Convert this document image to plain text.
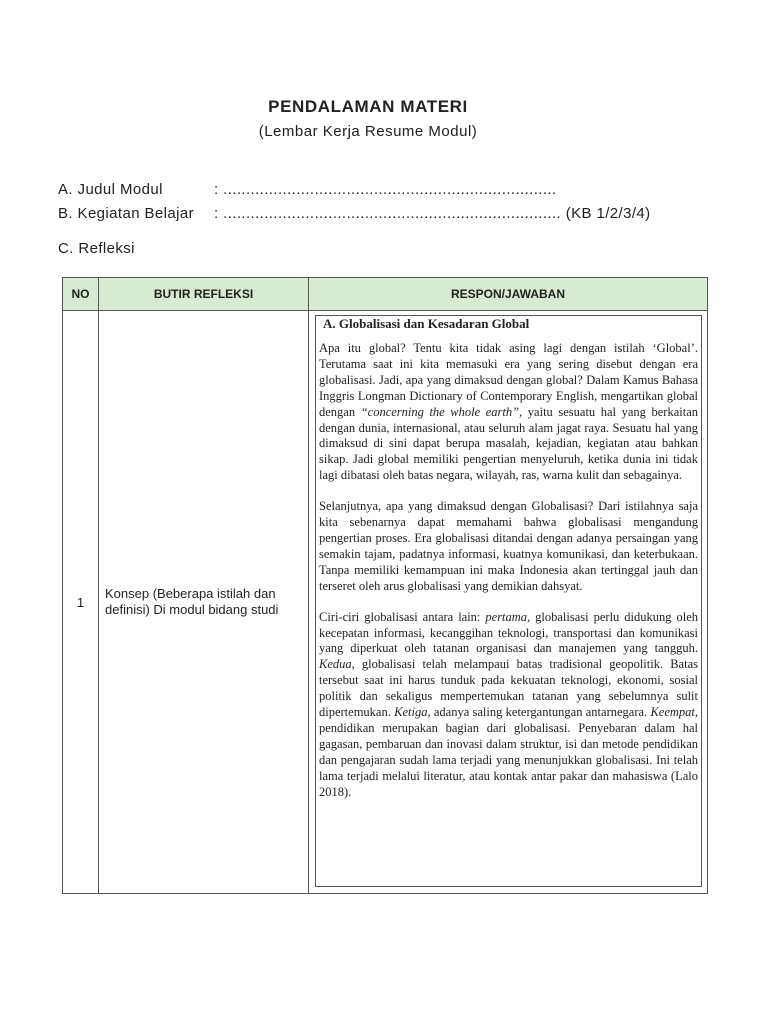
PENDALAMAN MATERI
(Lembar Kerja Resume Modul)
A. Judul Modul	: .........................................................................
B. Kegiatan Belajar : .......................................................................... (KB 1/2/3/4)
C. Refleksi
NO	BUTIR REFLEKSI	RESPON/JAWABAN
1	Konsep (Beberapa istilah dan definisi) Di modul bidang studi	A. Globalisasi dan Kesadaran Global

Apa itu global? Tentu kita tidak asing lagi dengan istilah ‘Global’. Terutama saat ini kita memasuki era yang sering disebut dengan era globalisasi. Jadi, apa yang dimaksud dengan global? Dalam Kamus Bahasa Inggris Longman Dictionary of Contemporary English, mengartikan global dengan “concerning the whole earth”, yaitu sesuatu hal yang berkaitan dengan dunia, internasional, atau seluruh alam jagat raya. Sesuatu hal yang dimaksud di sini dapat berupa masalah, kejadian, kegiatan atau bahkan sikap. Jadi global memiliki pengertian menyeluruh, ketika dunia ini tidak lagi dibatasi oleh batas negara, wilayah, ras, warna kulit dan sebagainya.

Selanjutnya, apa yang dimaksud dengan Globalisasi? Dari istilahnya saja kita sebenarnya dapat memahami bahwa globalisasi mengandung pengertian proses. Era globalisasi ditandai dengan adanya persaingan yang semakin tajam, padatnya informasi, kuatnya komunikasi, dan keterbukaan. Tanpa memiliki kemampuan ini maka Indonesia akan tertinggal jauh dan terseret oleh arus globalisasi yang demikian dahsyat.

Ciri-ciri globalisasi antara lain: pertama, globalisasi perlu didukung oleh kecepatan informasi, kecanggihan teknologi, transportasi dan komunikasi yang diperkuat oleh tatanan organisasi dan manajemen yang tangguh. Kedua, globalisasi telah melampaui batas tradisional geopolitik. Batas tersebut saat ini harus tunduk pada kekuatan teknologi, ekonomi, sosial politik dan sekaligus mempertemukan tatanan yang sebelumnya sulit dipertemukan. Ketiga, adanya saling ketergantungan antarnegara. Keempat, pendidikan merupakan bagian dari globalisasi. Penyebaran dalam hal gagasan, pembaruan dan inovasi dalam struktur, isi dan metode pendidikan dan pengajaran sudah lama terjadi yang menunjukkan globalisasi. Ini telah lama terjadi melalui literatur, atau kontak antar pakar dan mahasiswa (Lalo 2018).
